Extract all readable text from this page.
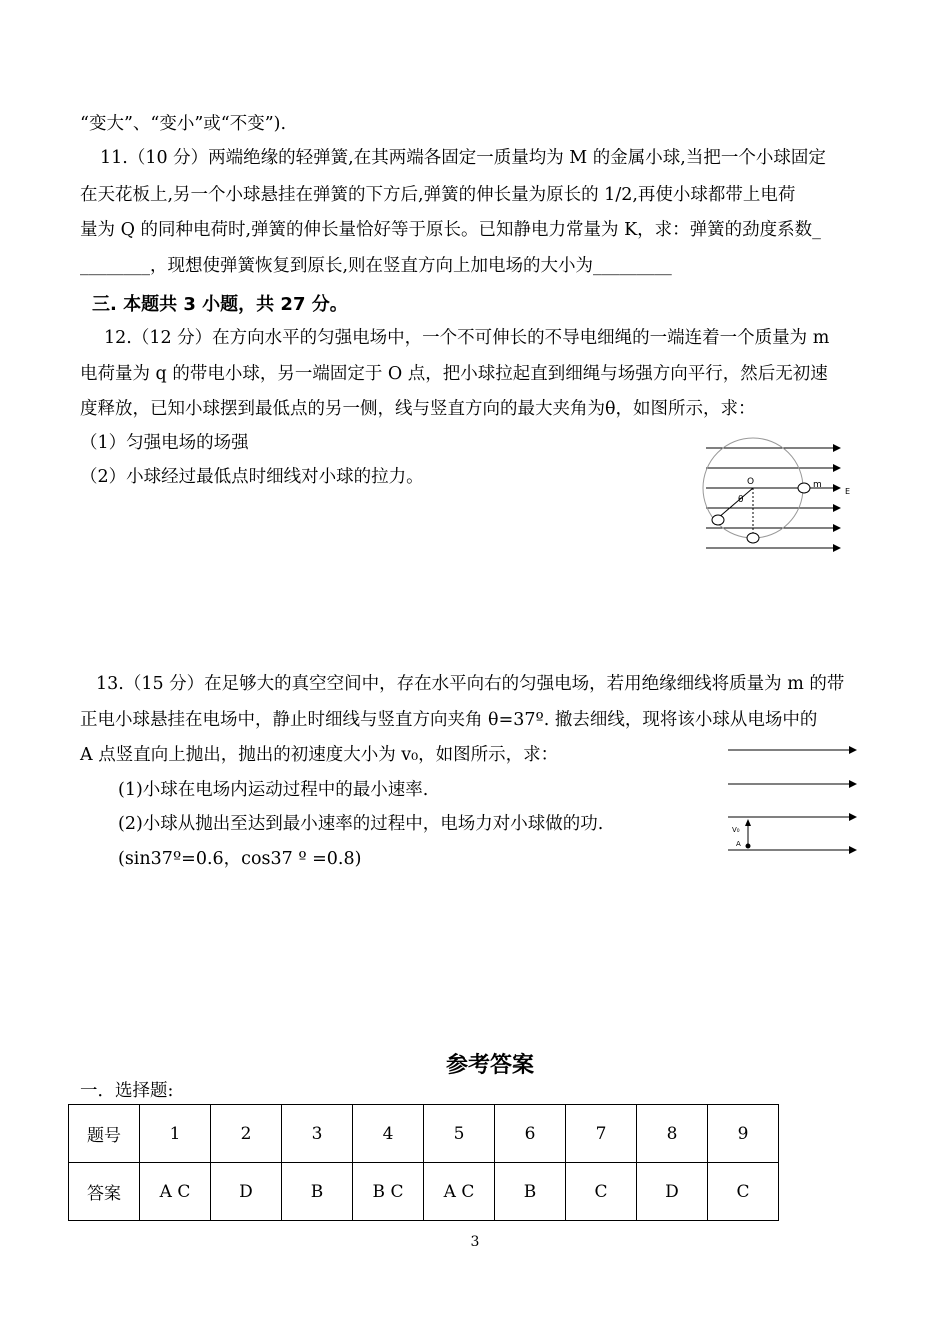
“变大”、“变小”或“不变”).
11.（10 分）两端绝缘的轻弹簧,在其两端各固定一质量均为 M 的金属小球,当把一个小球固定
在天花板上,另一个小球悬挂在弹簧的下方后,弹簧的伸长量为原长的 1/2,再使小球都带上电荷
量为 Q 的同种电荷时,弹簧的伸长量恰好等于原长。已知静电力常量为 K，求：弹簧的劲度系数_
________，现想使弹簧恢复到原长,则在竖直方向上加电场的大小为_________
三. 本题共 3 小题，共 27 分。
12.（12 分）在方向水平的匀强电场中，一个不可伸长的不导电细绳的一端连着一个质量为 m
电荷量为 q 的带电小球，另一端固定于 O 点，把小球拉起直到细绳与场强方向平行，然后无初速
度释放，已知小球摆到最低点的另一侧，线与竖直方向的最大夹角为θ，如图所示，求：
（1）匀强电场的场强
（2）小球经过最低点时细线对小球的拉力。	O	m
θ
E
13.（15 分）在足够大的真空空间中，存在水平向右的匀强电场，若用绝缘细线将质量为 m 的带
正电小球悬挂在电场中，静止时细线与竖直方向夹角 θ=37º. 撤去细线，现将该小球从电场中的
A 点竖直向上抛出，抛出的初速度大小为 v₀，如图所示，求：
(1)小球在电场内运动过程中的最小速率.
(2)小球从抛出至达到最小速率的过程中，电场力对小球做的功.
(sin37º=0.6，cos37 º =0.8)
V₀
A
参考答案
一．选择题:
题号	1	2	3	4	5	6	7	8	9
答案	A C	D	B	B C	A C	B	C	D	C
3
